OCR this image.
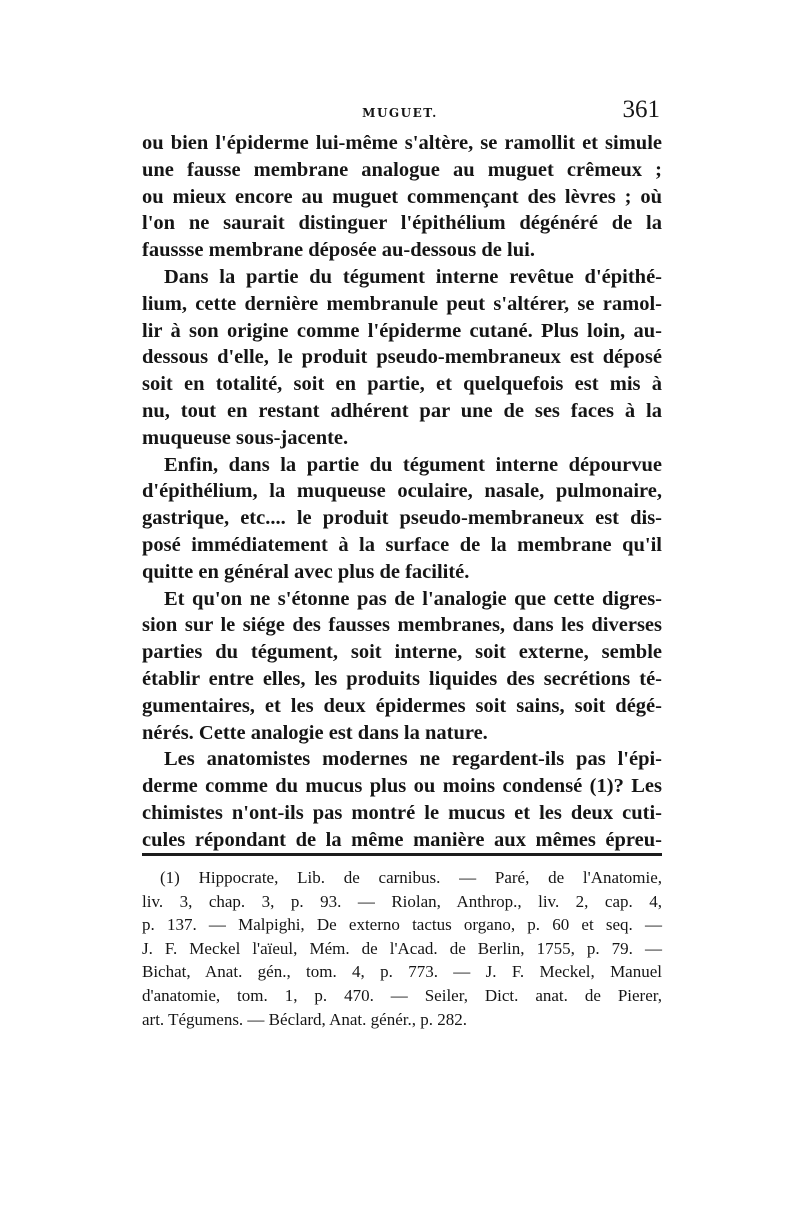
MUGUET.	361
ou bien l'épiderme lui-même s'altère, se ramollit et simule
une fausse membrane analogue au muguet crêmeux ;
ou mieux encore au muguet commençant des lèvres ; où
l'on ne saurait distinguer l'épithélium dégénéré de la
faussse membrane déposée au-dessous de lui.
Dans la partie du tégument interne revêtue d'épithé-
lium, cette dernière membranule peut s'altérer, se ramol-
lir à son origine comme l'épiderme cutané. Plus loin, au-
dessous d'elle, le produit pseudo-membraneux est déposé
soit en totalité, soit en partie, et quelquefois est mis à
nu, tout en restant adhérent par une de ses faces à la
muqueuse sous-jacente.
Enfin, dans la partie du tégument interne dépourvue
d'épithélium, la muqueuse oculaire, nasale, pulmonaire,
gastrique, etc.... le produit pseudo-membraneux est dis-
posé immédiatement à la surface de la membrane qu'il
quitte en général avec plus de facilité.
Et qu'on ne s'étonne pas de l'analogie que cette digres-
sion sur le siége des fausses membranes, dans les diverses
parties du tégument, soit interne, soit externe, semble
établir entre elles, les produits liquides des secrétions té-
gumentaires, et les deux épidermes soit sains, soit dégé-
nérés. Cette analogie est dans la nature.
Les anatomistes modernes ne regardent-ils pas l'épi-
derme comme du mucus plus ou moins condensé (1)? Les
chimistes n'ont-ils pas montré le mucus et les deux cuti-
cules répondant de la même manière aux mêmes épreu-
(1) Hippocrate, Lib. de carnibus. — Paré, de l'Anatomie,
liv. 3, chap. 3, p. 93. — Riolan, Anthrop., liv. 2, cap. 4,
p. 137. — Malpighi, De externo tactus organo, p. 60 et seq. —
J. F. Meckel l'aïeul, Mém. de l'Acad. de Berlin, 1755, p. 79. —
Bichat, Anat. gén., tom. 4, p. 773. — J. F. Meckel, Manuel
d'anatomie, tom. 1, p. 470. — Seiler, Dict. anat. de Pierer,
art. Tégumens. — Béclard, Anat. génér., p. 282.
